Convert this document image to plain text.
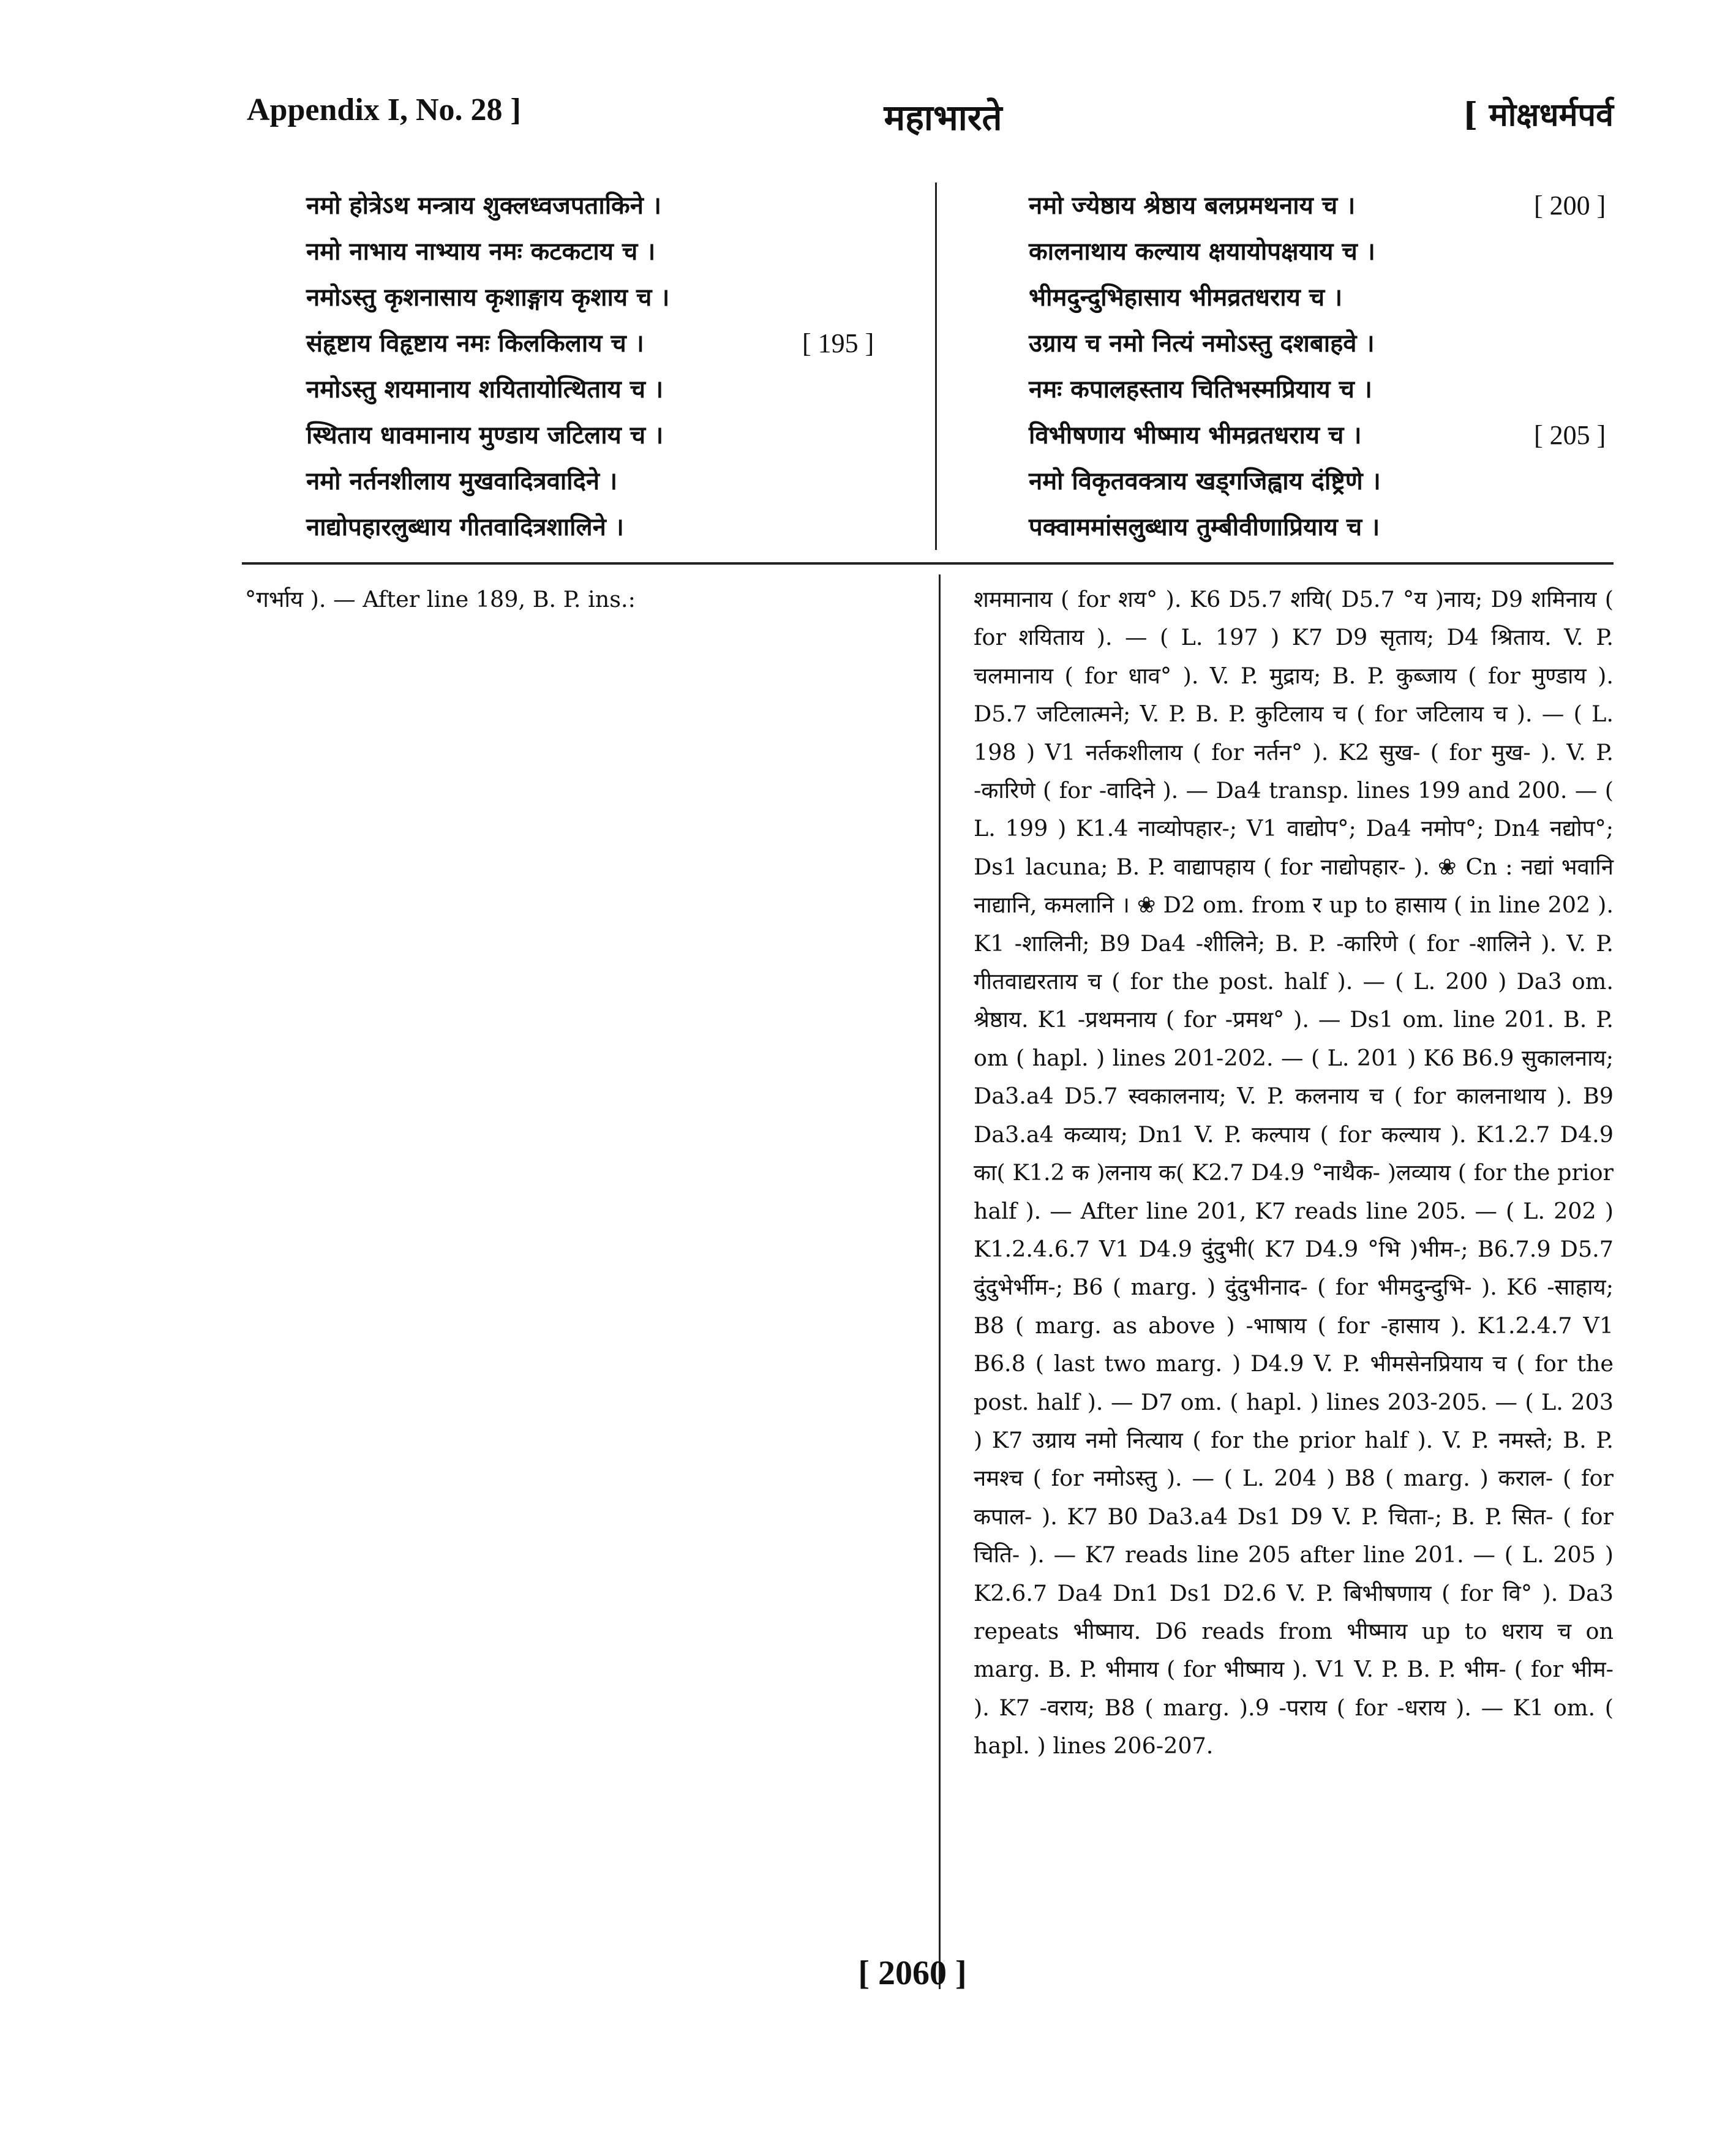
Appendix I, No. 28 ]	महाभारते	[ मोक्षधर्मपर्व
नमो होत्रेऽथ मन्त्राय शुक्लध्वजपताकिने ।
नमो नाभाय नाभ्याय नमः कटकटाय च ।
नमोऽस्तु कृशनासाय कृशाङ्गाय कृशाय च ।
संहृष्टाय विहृष्टाय नमः किलकिलाय च ।	[ 195 ]
नमोऽस्तु शयमानाय शयितायोत्थिताय च ।
स्थिताय धावमानाय मुण्डाय जटिलाय च ।
नमो नर्तनशीलाय मुखवादित्रवादिने ।
नाद्योपहारलुब्धाय गीतवादित्रशालिने ।
नमो ज्येष्ठाय श्रेष्ठाय बलप्रमथनाय च ।	[ 200 ]
कालनाथाय कल्याय क्षयायोपक्षयाय च ।
भीमदुन्दुभिहासाय भीमव्रतधराय च ।
उग्राय च नमो नित्यं नमोऽस्तु दशबाहवे ।
नमः कपालहस्ताय चितिभस्मप्रियाय च ।
विभीषणाय भीष्माय भीमव्रतधराय च ।	[ 205 ]
नमो विकृतवक्त्राय खड्गजिह्वाय दंष्ट्रिणे ।
पक्वाममांसलुब्धाय तुम्बीवीणाप्रियाय च ।

°गर्भाय ). — After line 189, B. P. ins.:	शममानाय ( for शय° ). K6 D5.7 शयि( D5.7 °य )नाय; D9 शमिनाय ( for शयिताय ). — ( L. 197 ) K7 D9 सृताय; D4 श्रिताय. V. P. चलमानाय ( for धाव° ). V. P. मुद्राय; B. P. कुब्जाय ( for मुण्डाय ). D5.7 जटिलात्मने; V. P. B. P. कुटिलाय च ( for जटिलाय च ). — ( L. 198 ) V1 नर्तकशीलाय ( for नर्तन° ). K2 सुख- ( for मुख- ). V. P. -कारिणे ( for -वादिने ). — Da4 transp. lines 199 and 200. — ( L. 199 ) K1.4 नाव्योपहार-; V1 वाद्योप°; Da4 नमोप°; Dn4 नद्योप°; Ds1 lacuna; B. P. वाद्यापहाय ( for नाद्योपहार- ). ❀ Cn : नद्यां भवानि नाद्यानि, कमलानि । ❀ D2 om. from र up to हासाय ( in line 202 ). K1 -शालिनी; B9 Da4 -शीलिने; B. P. -कारिणे ( for -शालिने ). V. P. गीतवाद्यरताय च ( for the post. half ). — ( L. 200 ) Da3 om. श्रेष्ठाय. K1 -प्रथमनाय ( for -प्रमथ° ). — Ds1 om. line 201. B. P. om ( hapl. ) lines 201-202. — ( L. 201 ) K6 B6.9 सुकालनाय; Da3.a4 D5.7 स्वकालनाय; V. P. कलनाय च ( for कालनाथाय ). B9 Da3.a4 कव्याय; Dn1 V. P. कल्पाय ( for कल्याय ). K1.2.7 D4.9 का( K1.2 क )लनाय क( K2.7 D4.9 °नाथैक- )लव्याय ( for the prior half ). — After line 201, K7 reads line 205. — ( L. 202 ) K1.2.4.6.7 V1 D4.9 दुंदुभी( K7 D4.9 °भि )भीम-; B6.7.9 D5.7 दुंदुभेर्भीम-; B6 ( marg. ) दुंदुभीनाद- ( for भीमदुन्दुभि- ). K6 -साहाय; B8 ( marg. as above ) -भाषाय ( for -हासाय ). K1.2.4.7 V1 B6.8 ( last two marg. ) D4.9 V. P. भीमसेनप्रियाय च ( for the post. half ). — D7 om. ( hapl. ) lines 203-205. — ( L. 203 ) K7 उग्राय नमो नित्याय ( for the prior half ). V. P. नमस्ते; B. P. नमश्च ( for नमोऽस्तु ). — ( L. 204 ) B8 ( marg. ) कराल- ( for कपाल- ). K7 B0 Da3.a4 Ds1 D9 V. P. चिता-; B. P. सित- ( for चिति- ). — K7 reads line 205 after line 201. — ( L. 205 ) K2.6.7 Da4 Dn1 Ds1 D2.6 V. P. बिभीषणाय ( for वि° ). Da3 repeats भीष्माय. D6 reads from भीष्माय up to धराय च on marg. B. P. भीमाय ( for भीष्माय ). V1 V. P. B. P. भीम- ( for भीम- ). K7 -वराय; B8 ( marg. ).9 -पराय ( for -धराय ). — K1 om. ( hapl. ) lines 206-207.

[ 2060 ]
